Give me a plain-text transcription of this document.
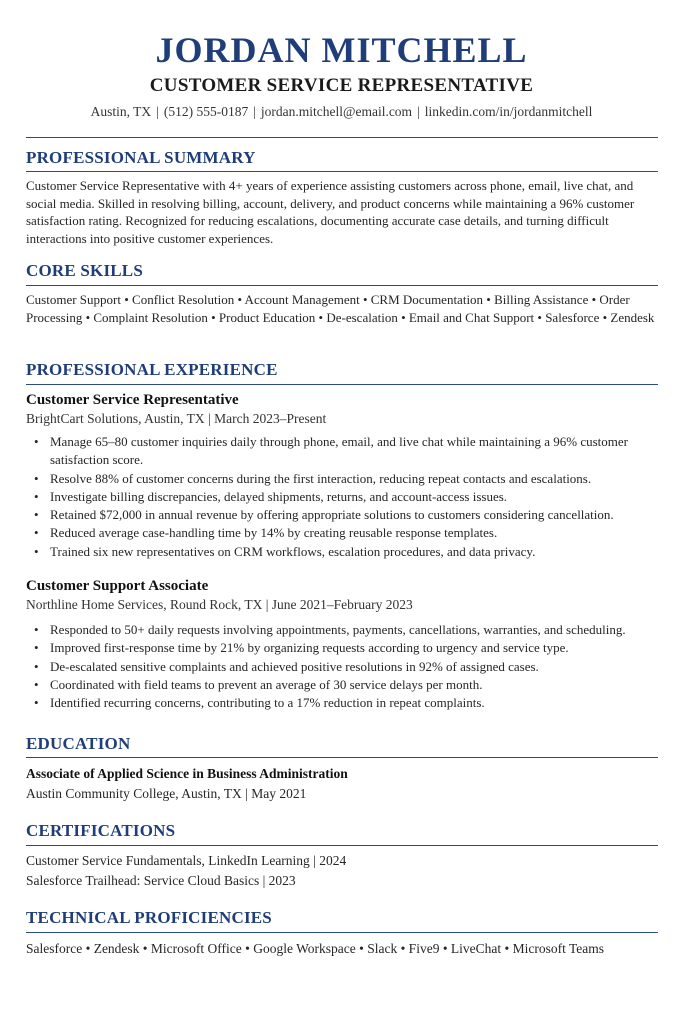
JORDAN MITCHELL
CUSTOMER SERVICE REPRESENTATIVE
Austin, TX | (512) 555-0187 | jordan.mitchell@email.com | linkedin.com/in/jordanmitchell
PROFESSIONAL SUMMARY
Customer Service Representative with 4+ years of experience assisting customers across phone, email, live chat, and social media. Skilled in resolving billing, account, delivery, and product concerns while maintaining a 96% customer satisfaction rating. Recognized for reducing escalations, documenting accurate case details, and turning difficult interactions into positive customer experiences.
CORE SKILLS
Customer Support • Conflict Resolution • Account Management • CRM Documentation • Billing Assistance • Order Processing • Complaint Resolution • Product Education • De-escalation • Email and Chat Support • Salesforce • Zendesk
PROFESSIONAL EXPERIENCE
Customer Service Representative
BrightCart Solutions, Austin, TX | March 2023–Present
• Manage 65–80 customer inquiries daily through phone, email, and live chat while maintaining a 96% customer satisfaction score.
• Resolve 88% of customer concerns during the first interaction, reducing repeat contacts and escalations.
• Investigate billing discrepancies, delayed shipments, returns, and account-access issues.
• Retained $72,000 in annual revenue by offering appropriate solutions to customers considering cancellation.
• Reduced average case-handling time by 14% by creating reusable response templates.
• Trained six new representatives on CRM workflows, escalation procedures, and data privacy.
Customer Support Associate
Northline Home Services, Round Rock, TX | June 2021–February 2023
• Responded to 50+ daily requests involving appointments, payments, cancellations, warranties, and scheduling.
• Improved first-response time by 21% by organizing requests according to urgency and service type.
• De-escalated sensitive complaints and achieved positive resolutions in 92% of assigned cases.
• Coordinated with field teams to prevent an average of 30 service delays per month.
• Identified recurring concerns, contributing to a 17% reduction in repeat complaints.
EDUCATION
Associate of Applied Science in Business Administration
Austin Community College, Austin, TX | May 2021
CERTIFICATIONS
Customer Service Fundamentals, LinkedIn Learning | 2024
Salesforce Trailhead: Service Cloud Basics | 2023
TECHNICAL PROFICIENCIES
Salesforce • Zendesk • Microsoft Office • Google Workspace • Slack • Five9 • LiveChat • Microsoft Teams
